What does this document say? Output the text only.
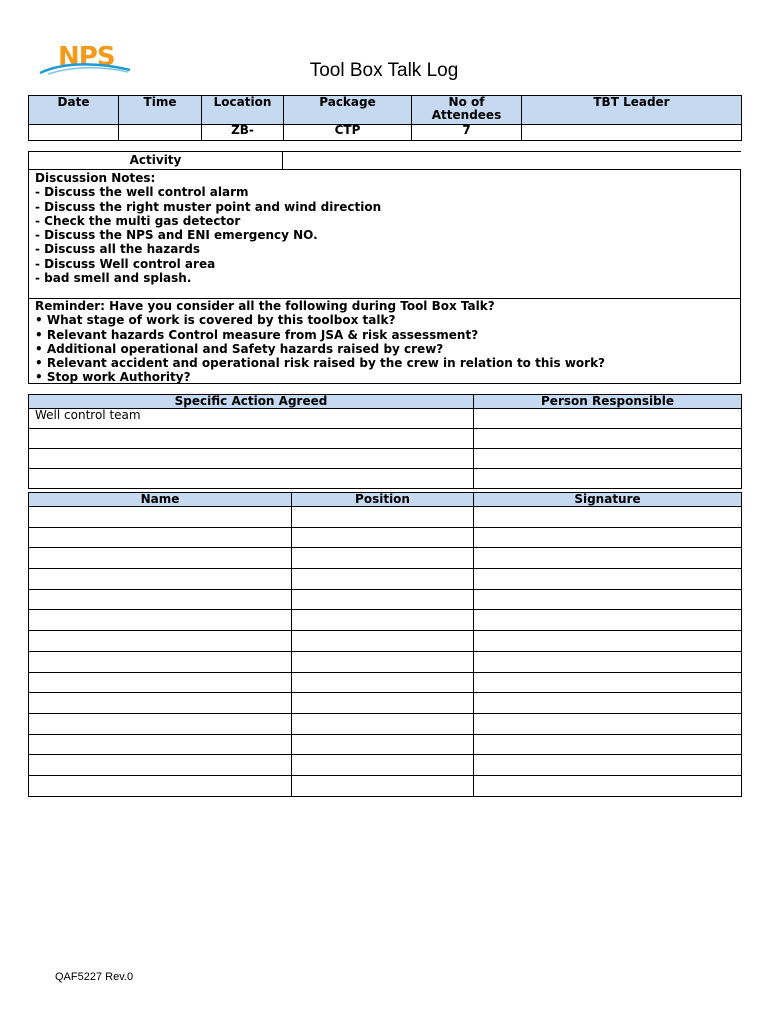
NPS	Tool Box Talk Log
Date	Time	Location	Package	No of Attendees	TBT Leader
		ZB-	CTP	7	
Activity
Discussion Notes:
- Discuss the well control alarm
- Discuss the right muster point and wind direction
- Check the multi gas detector
- Discuss the NPS and ENI emergency NO.
- Discuss all the hazards
- Discuss Well control area
- bad smell and splash.
Reminder: Have you consider all the following during Tool Box Talk?
• What stage of work is covered by this toolbox talk?
• Relevant hazards Control measure from JSA & risk assessment?
• Additional operational and Safety hazards raised by crew?
• Relevant accident and operational risk raised by the crew in relation to this work?
• Stop work Authority?
Specific Action Agreed	Person Responsible
Well control team	

Name	Position	Signature

QAF5227 Rev.0
